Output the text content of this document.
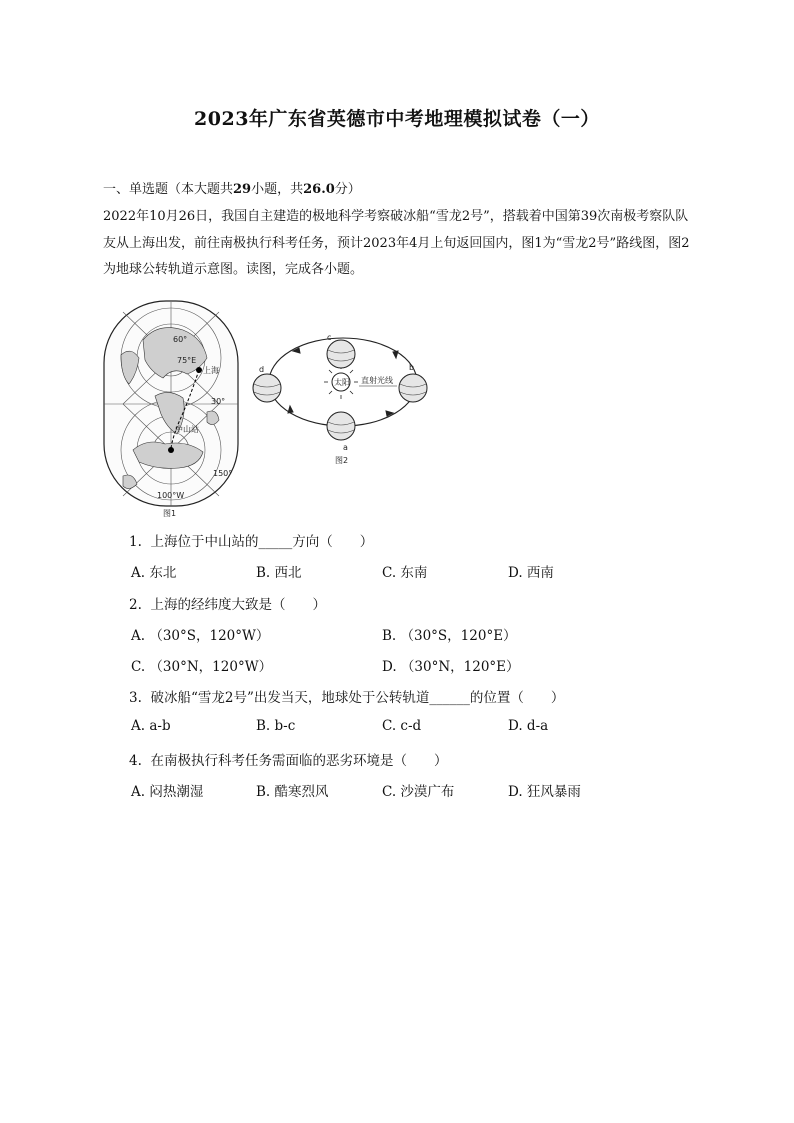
2023年广东省英德市中考地理模拟试卷（一）
一、单选题（本大题共29小题，共26.0分）
2022年10月26日，我国自主建造的极地科学考察破冰船“雪龙2号”，搭载着中国第39次南极考察队队友从上海出发，前往南极执行科考任务，预计2023年4月上旬返回国内，图1为“雪龙2号”路线图，图2为地球公转轨道示意图。读图，完成各小题。
上海
中山站
60°
75°E
100°W
30°
150°
图1
太阳 直射光线
a
b
c
d
图2
1. 上海位于中山站的_____方向（　　）
A. 东北	B. 西北	C. 东南	D. 西南
2. 上海的经纬度大致是（　　）
A. （30°S，120°W）	B. （30°S，120°E）
C. （30°N，120°W）	D. （30°N，120°E）
3. 破冰船“雪龙2号”出发当天，地球处于公转轨道______的位置（　　）
A. a-b	B. b-c	C. c-d	D. d-a
4. 在南极执行科考任务需面临的恶劣环境是（　　）
A. 闷热潮湿	B. 酷寒烈风	C. 沙漠广布	D. 狂风暴雨
